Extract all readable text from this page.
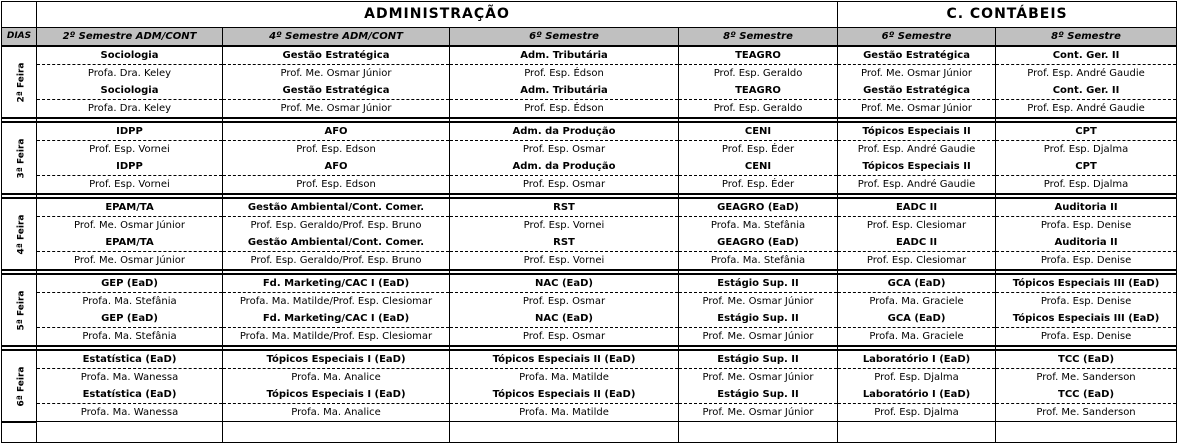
	ADMINISTRAÇÃO				C. CONTÁBEIS	
DIAS	2º Semestre ADM/CONT	4º Semestre ADM/CONT	6º Semestre	8º Semestre	6º Semestre	8º Semestre
2ª Feira	Sociologia	Gestão Estratégica	Adm. Tributária	TEAGRO	Gestão Estratégica	Cont. Ger. II
	Profa. Dra. Keley	Prof. Me. Osmar Júnior	Prof. Esp. Édson	Prof. Esp. Geraldo	Prof. Me. Osmar Júnior	Prof. Esp. André Gaudie
	Sociologia	Gestão Estratégica	Adm. Tributária	TEAGRO	Gestão Estratégica	Cont. Ger. II
	Profa. Dra. Keley	Prof. Me. Osmar Júnior	Prof. Esp. Édson	Prof. Esp. Geraldo	Prof. Me. Osmar Júnior	Prof. Esp. André Gaudie

3ª Feira	IDPP	AFO	Adm. da Produção	CENI	Tópicos Especiais II	CPT
	Prof. Esp. Vornei	Prof. Esp. Edson	Prof. Esp. Osmar	Prof. Esp. Éder	Prof. Esp. André Gaudie	Prof. Esp. Djalma
	IDPP	AFO	Adm. da Produção	CENI	Tópicos Especiais II	CPT
	Prof. Esp. Vornei	Prof. Esp. Edson	Prof. Esp. Osmar	Prof. Esp. Éder	Prof. Esp. André Gaudie	Prof. Esp. Djalma

4ª Feira	EPAM/TA	Gestão Ambiental/Cont. Comer.	RST	GEAGRO (EaD)	EADC II	Auditoria II
	Prof. Me. Osmar Júnior	Prof. Esp. Geraldo/Prof. Esp. Bruno	Prof. Esp. Vornei	Profa. Ma. Stefânia	Prof. Esp. Clesiomar	Profa. Esp. Denise
	EPAM/TA	Gestão Ambiental/Cont. Comer.	RST	GEAGRO (EaD)	EADC II	Auditoria II
	Prof. Me. Osmar Júnior	Prof. Esp. Geraldo/Prof. Esp. Bruno	Prof. Esp. Vornei	Profa. Ma. Stefânia	Prof. Esp. Clesiomar	Profa. Esp. Denise

5ª Feira	GEP (EaD)	Fd. Marketing/CAC I (EaD)	NAC (EaD)	Estágio Sup. II	GCA (EaD)	Tópicos Especiais III (EaD)
	Profa. Ma. Stefânia	Profa. Ma. Matilde/Prof. Esp. Clesiomar	Prof. Esp. Osmar	Prof. Me. Osmar Júnior	Profa. Ma. Graciele	Profa. Esp. Denise
	GEP (EaD)	Fd. Marketing/CAC I (EaD)	NAC (EaD)	Estágio Sup. II	GCA (EaD)	Tópicos Especiais III (EaD)
	Profa. Ma. Stefânia	Profa. Ma. Matilde/Prof. Esp. Clesiomar	Prof. Esp. Osmar	Prof. Me. Osmar Júnior	Profa. Ma. Graciele	Profa. Esp. Denise

6ª Feira	Estatística (EaD)	Tópicos Especiais I (EaD)	Tópicos Especiais II (EaD)	Estágio Sup. II	Laboratório I (EaD)	TCC (EaD)
	Profa. Ma. Wanessa	Profa. Ma. Analice	Profa. Ma. Matilde	Prof. Me. Osmar Júnior	Prof. Esp. Djalma	Prof. Me. Sanderson
	Estatística (EaD)	Tópicos Especiais I (EaD)	Tópicos Especiais II (EaD)	Estágio Sup. II	Laboratório I (EaD)	TCC (EaD)
	Profa. Ma. Wanessa	Profa. Ma. Analice	Profa. Ma. Matilde	Prof. Me. Osmar Júnior	Prof. Esp. Djalma	Prof. Me. Sanderson
